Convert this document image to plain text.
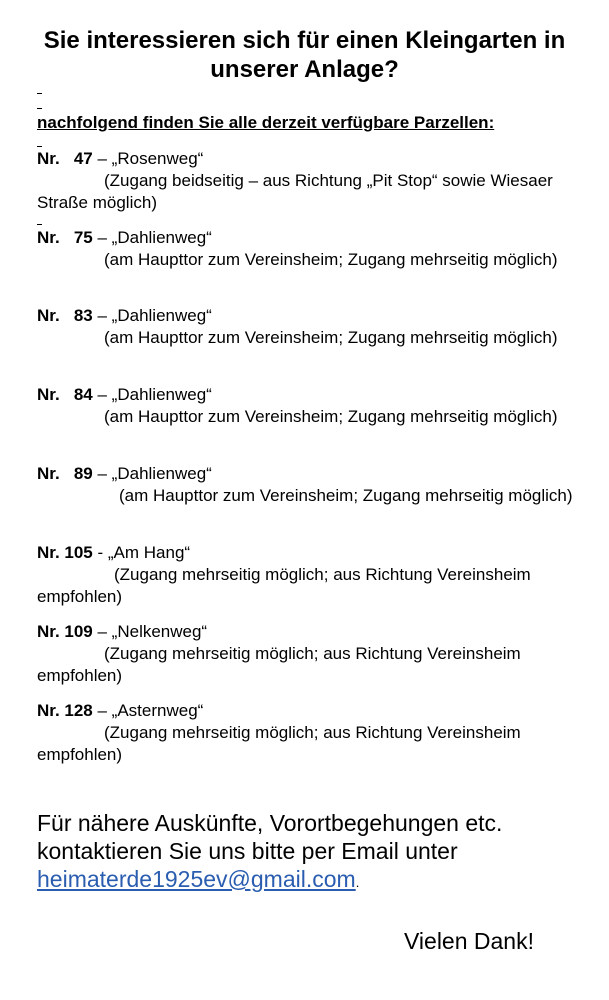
Sie interessieren sich für einen Kleingarten in
unserer Anlage?

nachfolgend finden Sie alle derzeit verfügbare Parzellen:

Nr.   47 – „Rosenweg“
(Zugang beidseitig – aus Richtung „Pit Stop“ sowie Wiesaer Straße möglich)
Nr.   75 – „Dahlienweg“
(am Haupttor zum Vereinsheim; Zugang mehrseitig möglich)
Nr.   83 – „Dahlienweg“
(am Haupttor zum Vereinsheim; Zugang mehrseitig möglich)
Nr.   84 – „Dahlienweg“
(am Haupttor zum Vereinsheim; Zugang mehrseitig möglich)
Nr.   89 – „Dahlienweg“
(am Haupttor zum Vereinsheim; Zugang mehrseitig möglich)
Nr. 105 - „Am Hang“
(Zugang mehrseitig möglich; aus Richtung Vereinsheim empfohlen)
Nr. 109 – „Nelkenweg“
(Zugang mehrseitig möglich; aus Richtung Vereinsheim empfohlen)
Nr. 128 – „Asternweg“
(Zugang mehrseitig möglich; aus Richtung Vereinsheim empfohlen)
Für nähere Auskünfte, Vorortbegehungen etc. kontaktieren Sie uns bitte per Email unter heimaterde1925ev@gmail.com.
Vielen Dank!
